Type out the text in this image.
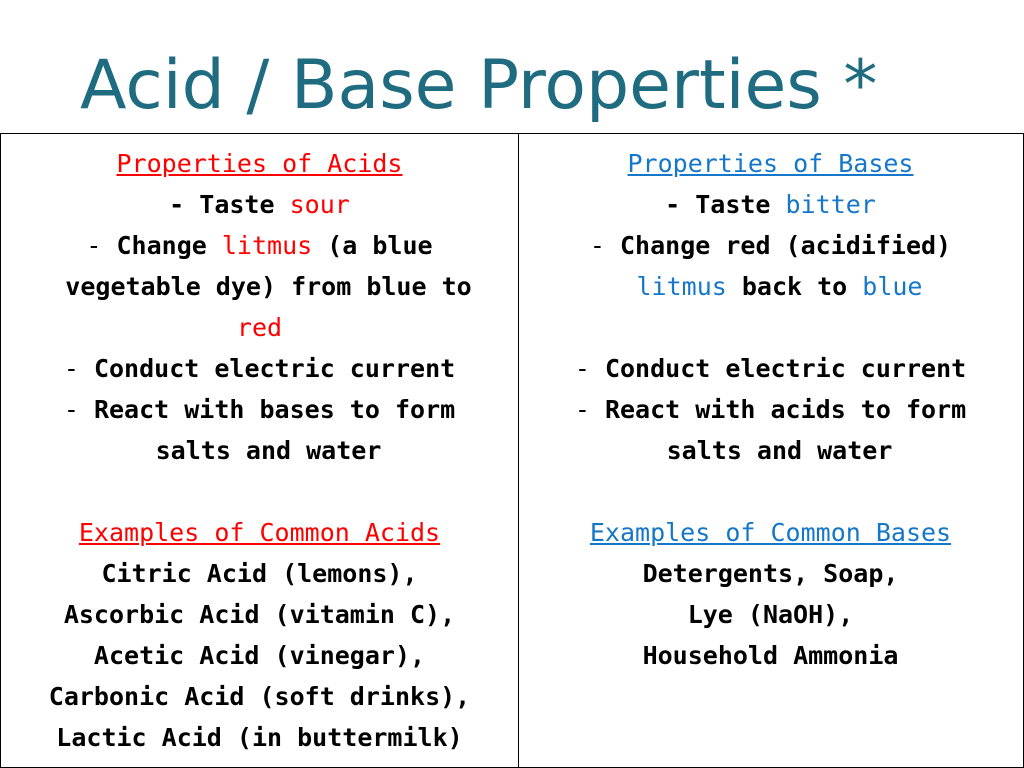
Acid / Base Properties *
Properties of Acids
- Taste sour
- Change litmus (a blue
vegetable dye) from blue to
red
- Conduct electric current
- React with bases to form
salts and water
Examples of Common Acids
Citric Acid (lemons),
Ascorbic Acid (vitamin C),
Acetic Acid (vinegar),
Carbonic Acid (soft drinks),
Lactic Acid (in buttermilk)
Properties of Bases
- Taste bitter
- Change red (acidified)
litmus back to blue
- Conduct electric current
- React with acids to form
salts and water
Examples of Common Bases
Detergents, Soap,
Lye (NaOH),
Household Ammonia
